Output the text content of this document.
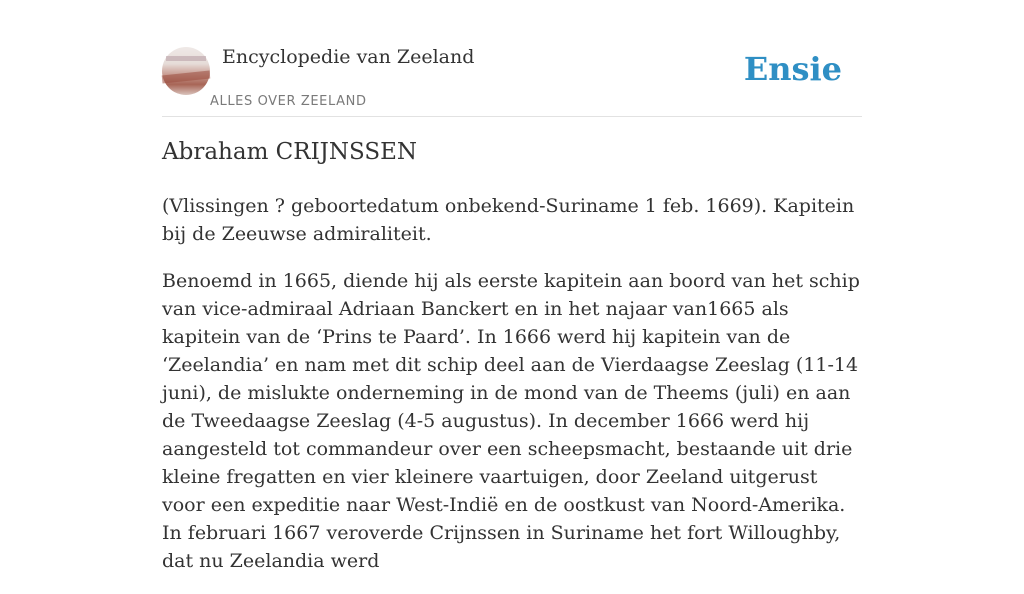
Encyclopedie van Zeeland
ALLES OVER ZEELAND
Ensie
Abraham CRIJNSSEN

(Vlissingen ? geboortedatum onbekend-Suriname 1 feb. 1669). Kapitein bij de Zeeuwse admiraliteit.

Benoemd in 1665, diende hij als eerste kapitein aan boord van het schip van vice-admiraal Adriaan Banckert en in het najaar van1665 als kapitein van de ‘Prins te Paard’. In 1666 werd hij kapitein van de ‘Zeelandia’ en nam met dit schip deel aan de Vierdaagse Zeeslag (11-14 juni), de mislukte onderneming in de mond van de Theems (juli) en aan de Tweedaagse Zeeslag (4-5 augustus). In december 1666 werd hij aangesteld tot commandeur over een scheepsmacht, bestaande uit drie kleine fregatten en vier kleinere vaartuigen, door Zeeland uitgerust voor een expeditie naar West-Indië en de oostkust van Noord-Amerika. In februari 1667 veroverde Crijnssen in Suriname het fort Willoughby, dat nu Zeelandia werd
